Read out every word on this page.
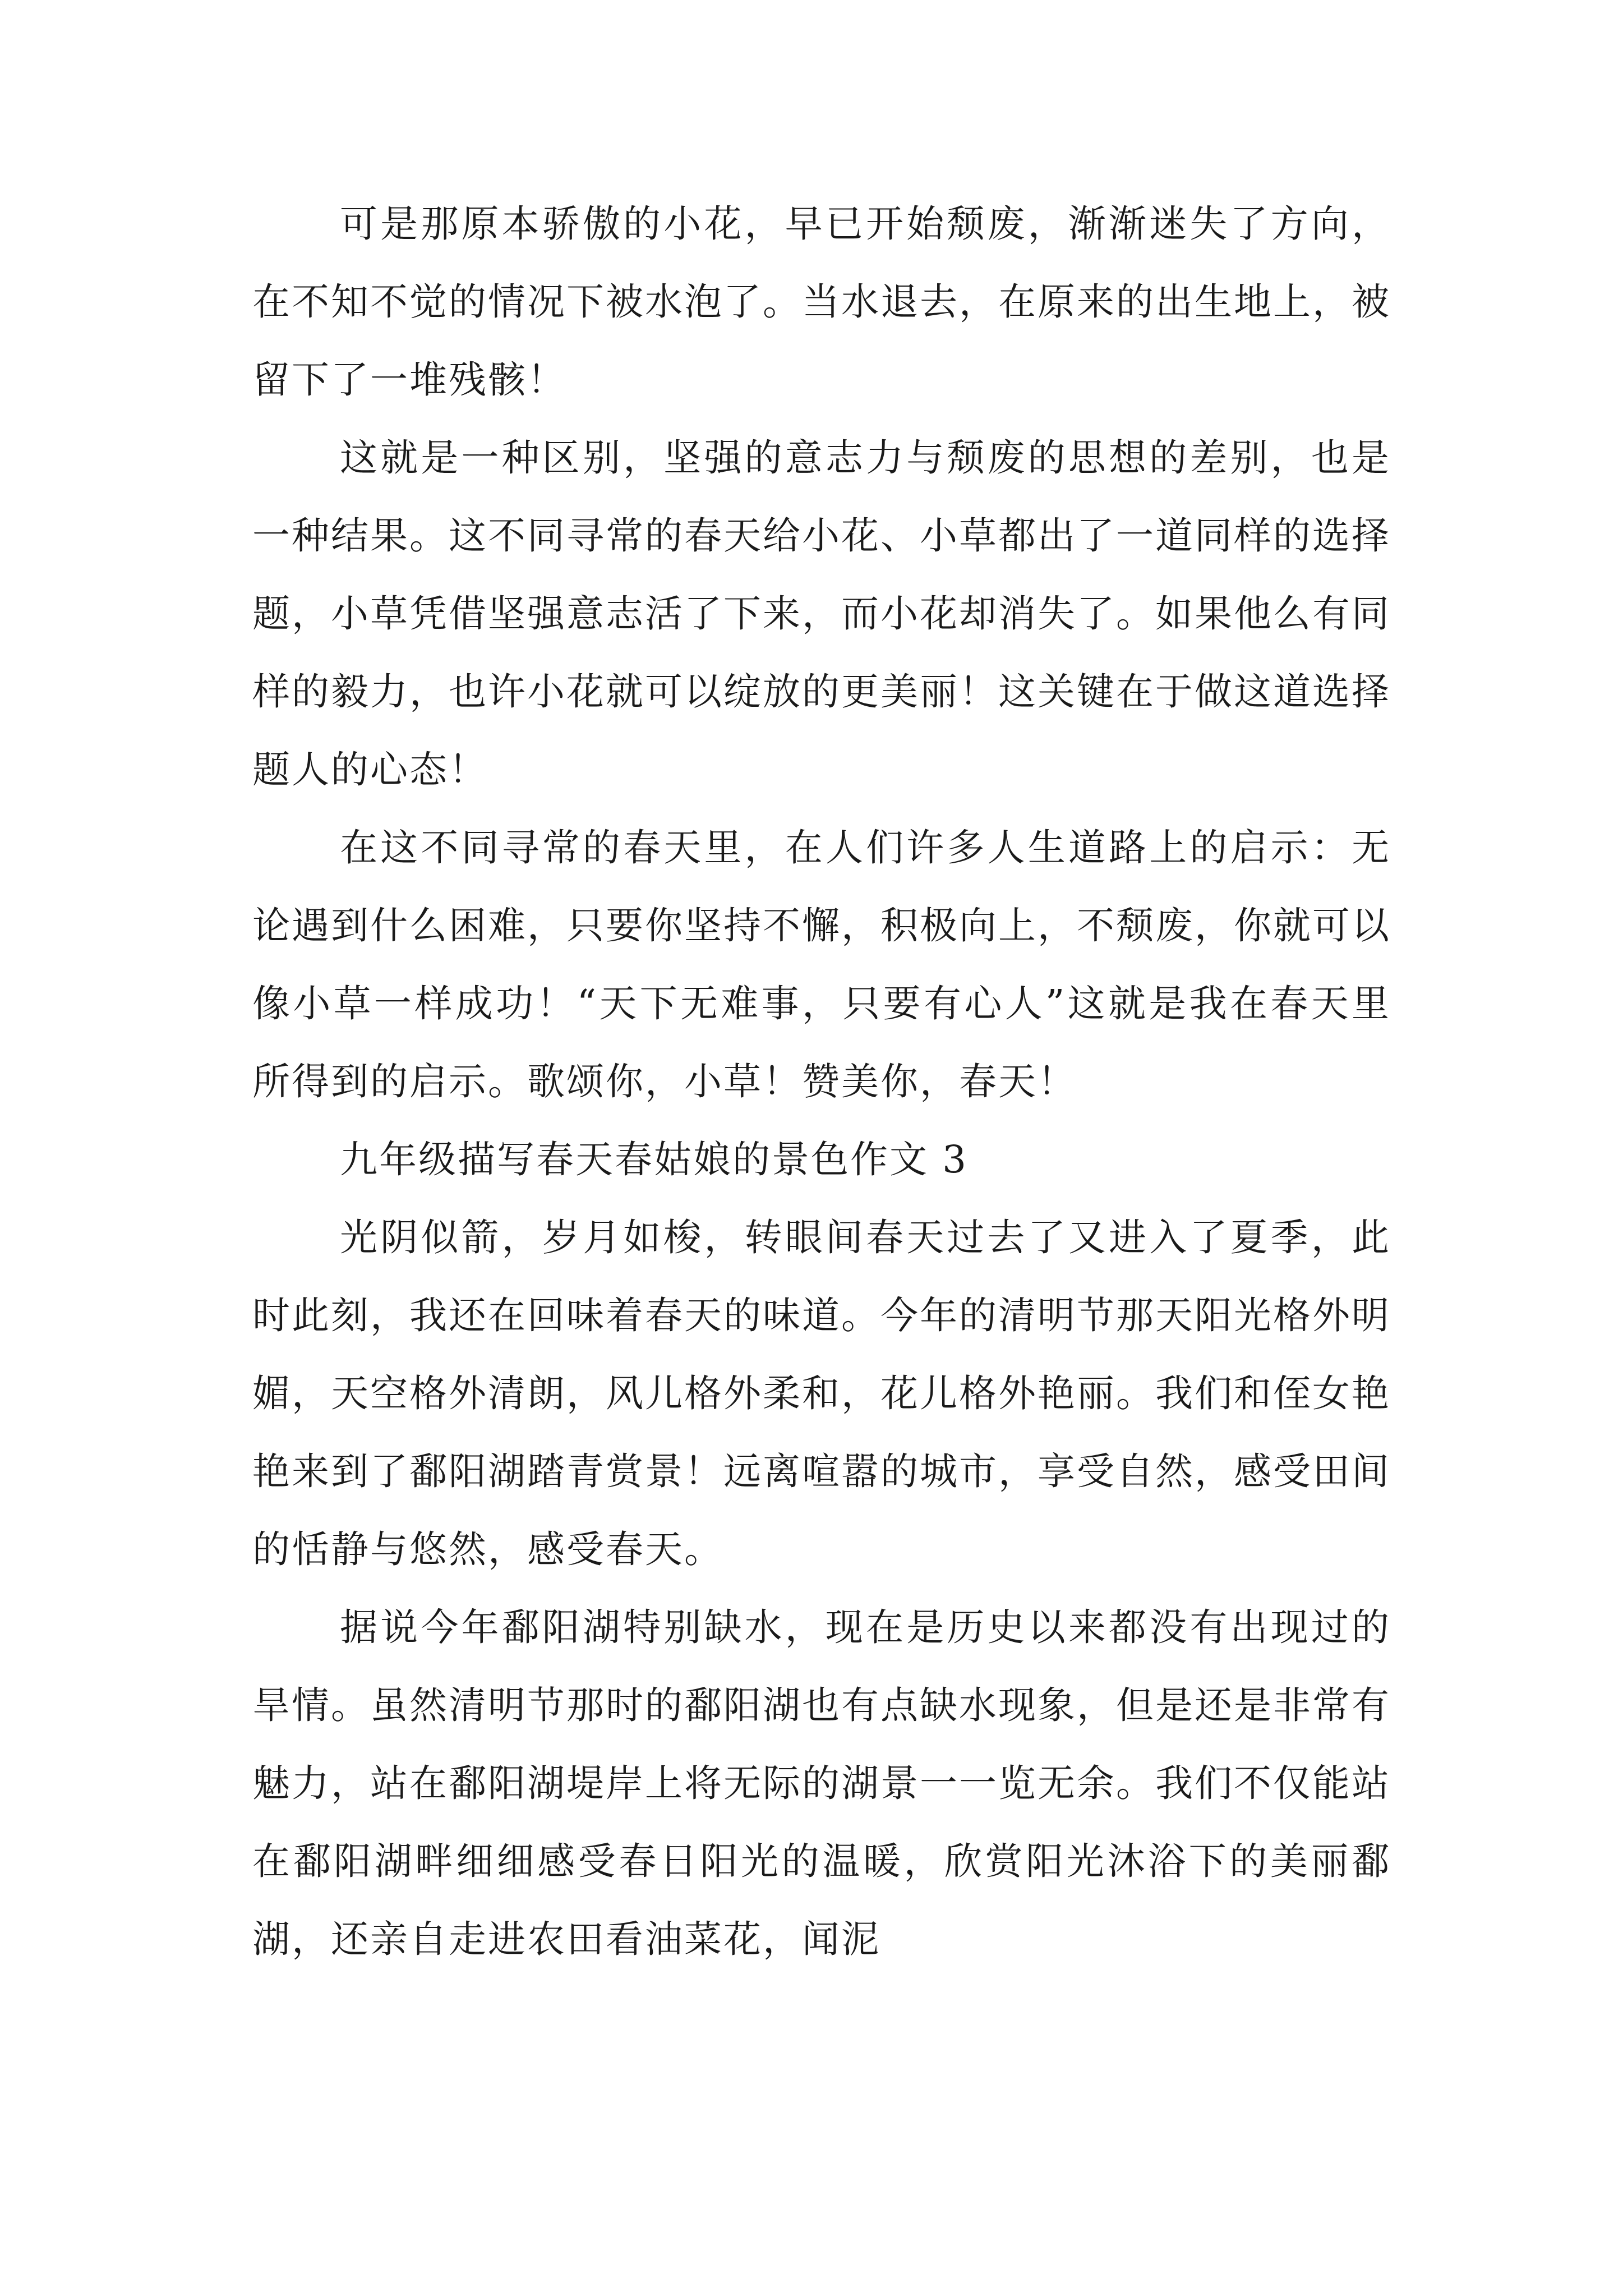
可是那原本骄傲的小花，早已开始颓废，渐渐迷失了方向，在不知不觉的情况下被水泡了。当水退去，在原来的出生地上，被留下了一堆残骸！

这就是一种区别，坚强的意志力与颓废的思想的差别，也是一种结果。这不同寻常的春天给小花、小草都出了一道同样的选择题，小草凭借坚强意志活了下来，而小花却消失了。如果他么有同样的毅力，也许小花就可以绽放的更美丽！这关键在于做这道选择题人的心态！

在这不同寻常的春天里，在人们许多人生道路上的启示：无论遇到什么困难，只要你坚持不懈，积极向上，不颓废，你就可以像小草一样成功！“天下无难事，只要有心人”这就是我在春天里所得到的启示。歌颂你，小草！赞美你，春天！

九年级描写春天春姑娘的景色作文 3

光阴似箭，岁月如梭，转眼间春天过去了又进入了夏季，此时此刻，我还在回味着春天的味道。今年的清明节那天阳光格外明媚，天空格外清朗，风儿格外柔和，花儿格外艳丽。我们和侄女艳艳来到了鄱阳湖踏青赏景！远离喧嚣的城市，享受自然，感受田间的恬静与悠然，感受春天。

据说今年鄱阳湖特别缺水，现在是历史以来都没有出现过的旱情。虽然清明节那时的鄱阳湖也有点缺水现象，但是还是非常有魅力，站在鄱阳湖堤岸上将无际的湖景一一览无余。我们不仅能站在鄱阳湖畔细细感受春日阳光的温暖，欣赏阳光沐浴下的美丽鄱湖，还亲自走进农田看油菜花，闻泥
